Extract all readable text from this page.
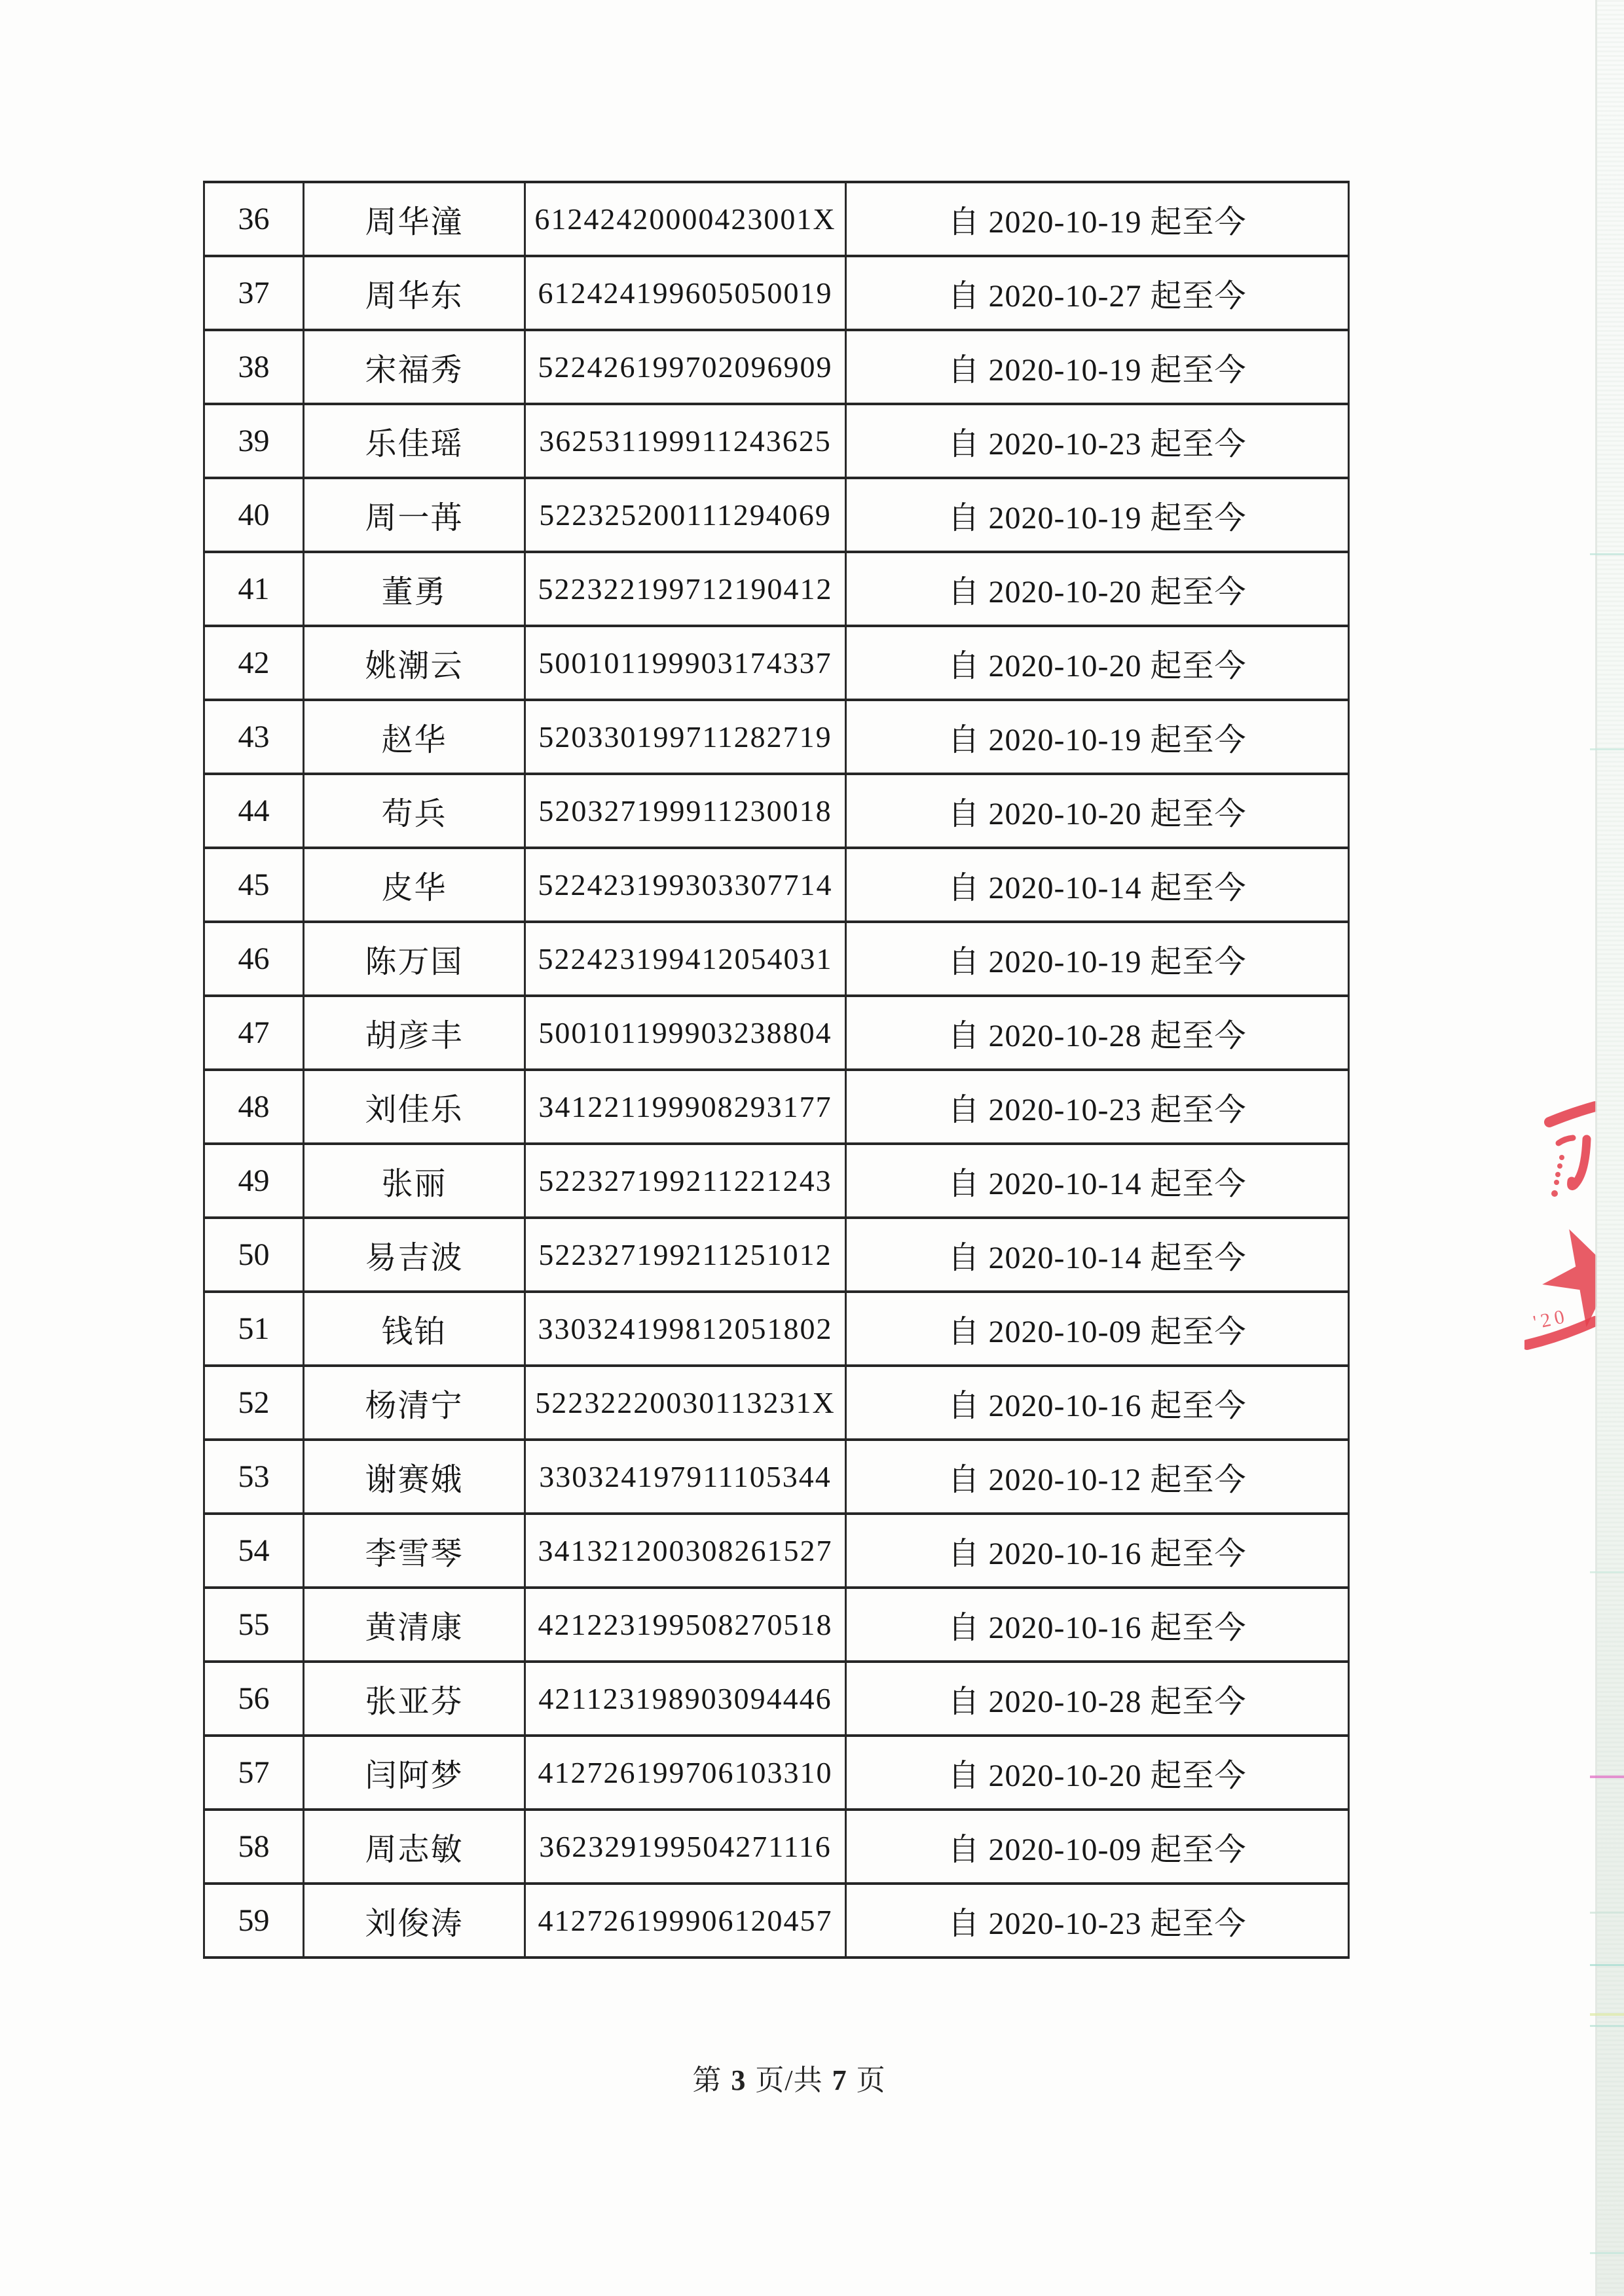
36	周华潼	61242420000423001X	自 2020-10-19 起至今
37	周华东	612424199605050019	自 2020-10-27 起至今
38	宋福秀	522426199702096909	自 2020-10-19 起至今
39	乐佳瑶	362531199911243625	自 2020-10-23 起至今
40	周一苒	522325200111294069	自 2020-10-19 起至今
41	董勇	522322199712190412	自 2020-10-20 起至今
42	姚潮云	500101199903174337	自 2020-10-20 起至今
43	赵华	520330199711282719	自 2020-10-19 起至今
44	苟兵	520327199911230018	自 2020-10-20 起至今
45	皮华	522423199303307714	自 2020-10-14 起至今
46	陈万国	522423199412054031	自 2020-10-19 起至今
47	胡彦丰	500101199903238804	自 2020-10-28 起至今
48	刘佳乐	341221199908293177	自 2020-10-23 起至今
49	张丽	522327199211221243	自 2020-10-14 起至今
50	易吉波	522327199211251012	自 2020-10-14 起至今
51	钱铂	330324199812051802	自 2020-10-09 起至今
52	杨清宁	52232220030113231X	自 2020-10-16 起至今
53	谢赛娥	330324197911105344	自 2020-10-12 起至今
54	李雪琴	341321200308261527	自 2020-10-16 起至今
55	黄清康	421223199508270518	自 2020-10-16 起至今
56	张亚芬	421123198903094446	自 2020-10-28 起至今
57	闫阿梦	412726199706103310	自 2020-10-20 起至今
58	周志敏	362329199504271116	自 2020-10-09 起至今
59	刘俊涛	412726199906120457	自 2020-10-23 起至今
第 3 页/共 7 页
'20
